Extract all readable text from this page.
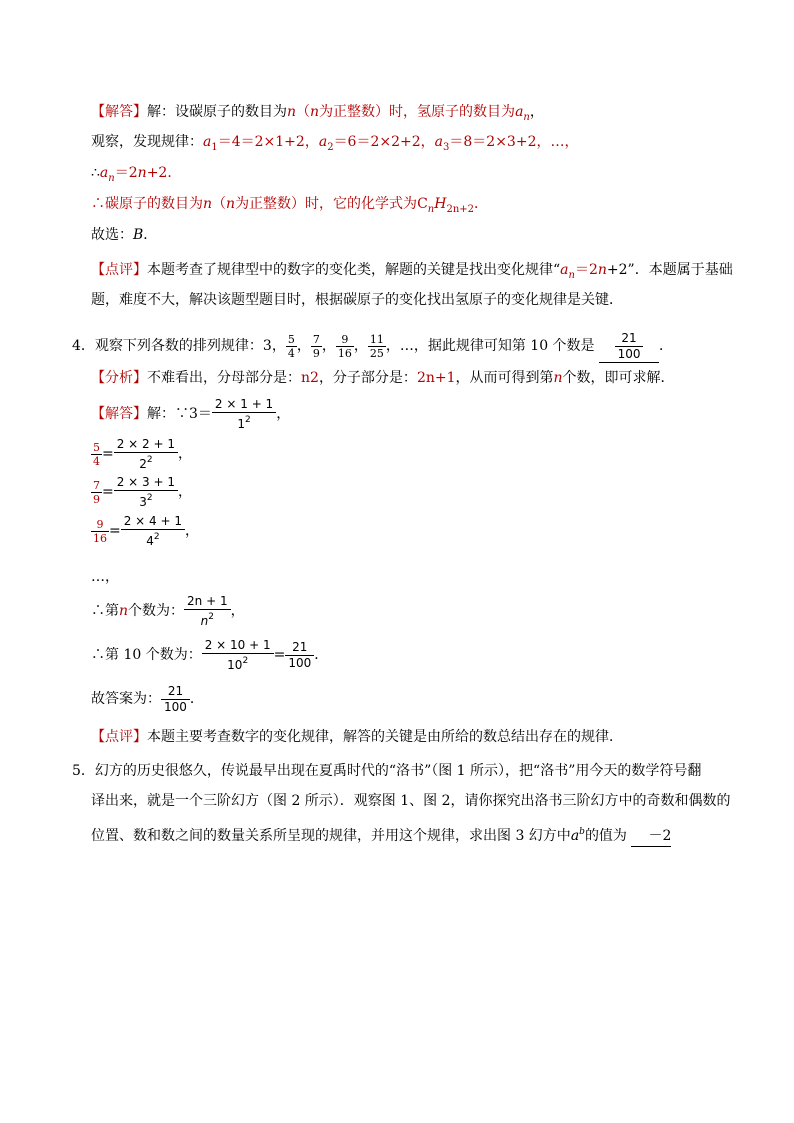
【解答】解：设碳原子的数目为n（n为正整数）时，氢原子的数目为$a_n$，
观察，发现规律：$a_1=4=2\times 1+2$，$a_2=6=2\times 2+2$，$a_3=8=2\times 3+2$，…，
$\therefore a_n=2n+2$．
∴碳原子的数目为n（n为正整数）时，它的化学式为$C_nH_{2n+2}$．
故选：B．
【点评】本题考查了规律型中的数字的变化类，解题的关键是找出变化规律“$a_n=2n+2$”．本题属于基础
题，难度不大，解决该题型题目时，根据碳原子的变化找出氢原子的变化规律是关键．
4．观察下列各数的排列规律：3， $\frac{5}{4}$ ， $\frac{7}{9}$ ， $\frac{9}{16}$ ， $\frac{11}{25}$ ，…，据此规律可知第 10 个数是 $\frac{21}{100}$ ．
【分析】不难看出，分母部分是：n2，分子部分是：2n+1，从而可得到第n个数，即可求解．
【解答】解：∵3＝ $\frac{2 \times 1 + 1}{1^2}$ ，
$\frac{5}{4} = \frac{2 \times 2 + 1}{2^2}$ ，
$\frac{7}{9} = \frac{2 \times 3 + 1}{3^2}$ ，
$\frac{9}{16} = \frac{2 \times 4 + 1}{4^2}$ ，
…，
∴第n个数为： $\frac{2n + 1}{n^2}$ ，
∴第 10 个数为： $\frac{2 \times 10 + 1}{10^2} = \frac{21}{100}$ ．
故答案为： $\frac{21}{100}$ ．
【点评】本题主要考查数字的变化规律，解答的关键是由所给的数总结出存在的规律．
5．幻方的历史很悠久，传说最早出现在夏禹时代的“洛书”（图 1 所示），把“洛书”用今天的数学符号翻
译出来，就是一个三阶幻方（图 2 所示）．观察图 1、图 2，请你探究出洛书三阶幻方中的奇数和偶数的
位置、数和数之间的数量关系所呈现的规律，并用这个规律，求出图 3 幻方中$a^b$的值为 －2
